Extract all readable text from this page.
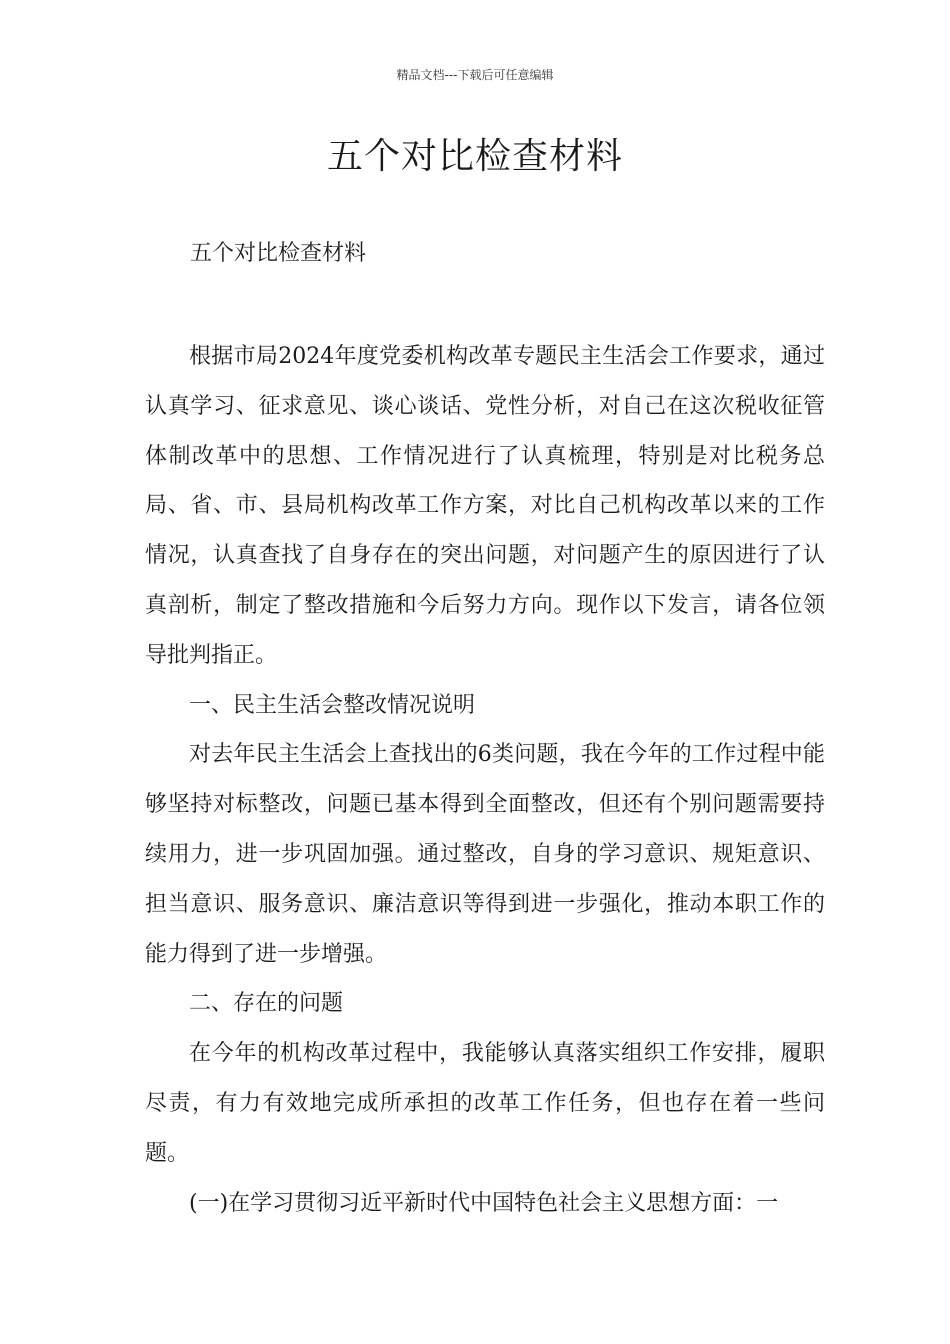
精品文档---下载后可任意编辑
五个对比检查材料

五个对比检查材料

根据市局2024年度党委机构改革专题民主生活会工作要求，通过认真学习、征求意见、谈心谈话、党性分析，对自己在这次税收征管体制改革中的思想、工作情况进行了认真梳理，特别是对比税务总局、省、市、县局机构改革工作方案，对比自己机构改革以来的工作情况，认真查找了自身存在的突出问题，对问题产生的原因进行了认真剖析，制定了整改措施和今后努力方向。现作以下发言，请各位领导批判指正。

一、民主生活会整改情况说明

对去年民主生活会上查找出的6类问题，我在今年的工作过程中能够坚持对标整改，问题已基本得到全面整改，但还有个别问题需要持续用力，进一步巩固加强。通过整改，自身的学习意识、规矩意识、担当意识、服务意识、廉洁意识等得到进一步强化，推动本职工作的能力得到了进一步增强。

二、存在的问题

在今年的机构改革过程中，我能够认真落实组织工作安排，履职尽责，有力有效地完成所承担的改革工作任务，但也存在着一些问题。

(一)在学习贯彻习近平新时代中国特色社会主义思想方面：一
